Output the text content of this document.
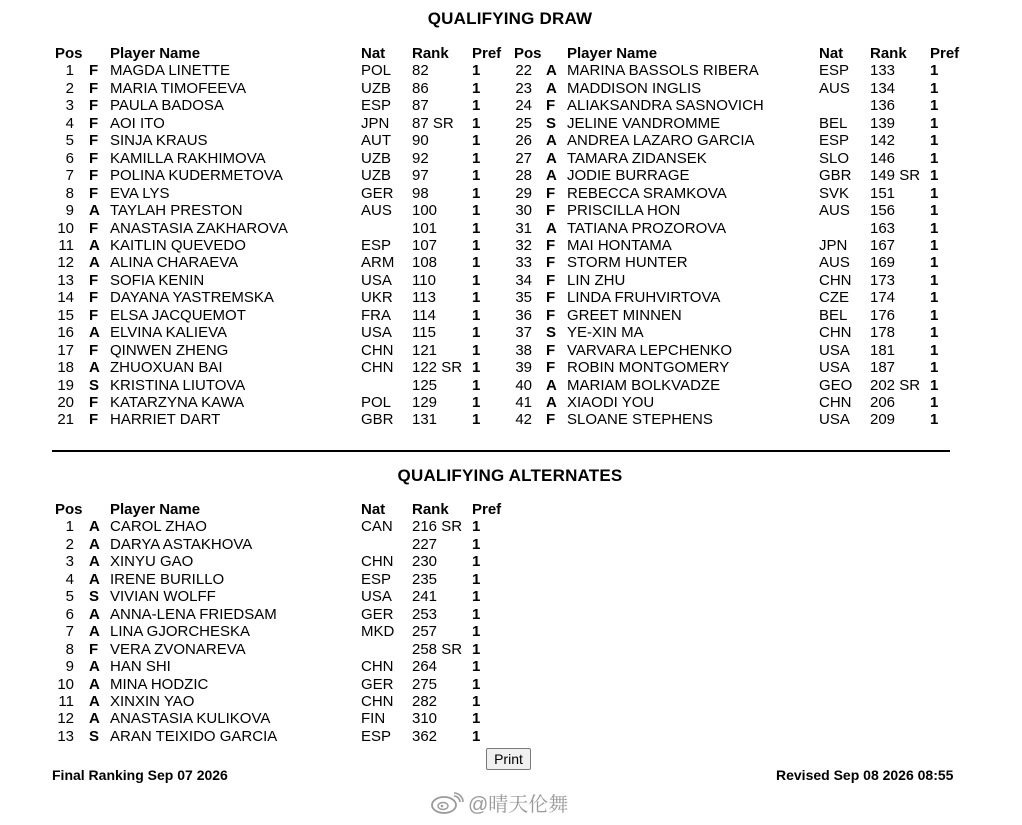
QUALIFYING DRAW
Pos Player Name	Nat Rank Pref
1 F MAGDA LINETTE	POL 82	1
2 F MARIA TIMOFEEVA	UZB 86	1
3 F PAULA BADOSA	ESP 87	1
4 F AOI ITO	JPN 87 SR 1
5 F SINJA KRAUS	AUT 90	1
6 F KAMILLA RAKHIMOVA	UZB 92	1
7 F POLINA KUDERMETOVA	UZB 97	1
8 F EVA LYS	GER 98	1
9 A TAYLAH PRESTON	AUS 100 1
10 F ANASTASIA ZAKHAROVA	101 1
11 A KAITLIN QUEVEDO	ESP 107 1
12 A ALINA CHARAEVA	ARM 108 1
13 F SOFIA KENIN	USA 110 1
14 F DAYANA YASTREMSKA	UKR 113 1
15 F ELSA JACQUEMOT	FRA 114 1
16 A ELVINA KALIEVA	USA 115 1
17 F QINWEN ZHENG	CHN 121 1
18 A ZHUOXUAN BAI	CHN 122 SR 1
19 S KRISTINA LIUTOVA	125 1
20 F KATARZYNA KAWA	POL 129 1
21 F HARRIET DART	GBR 131 1
Pos Player Name	Nat Rank Pref
22 A MARINA BASSOLS RIBERA	ESP 133 1
23 A MADDISON INGLIS	AUS 134 1
24 F ALIAKSANDRA SASNOVICH	136 1
25 S JELINE VANDROMME	BEL 139 1
26 A ANDREA LAZARO GARCIA	ESP 142 1
27 A TAMARA ZIDANSEK	SLO 146 1
28 A JODIE BURRAGE	GBR 149 SR 1
29 F REBECCA SRAMKOVA	SVK 151 1
30 F PRISCILLA HON	AUS 156 1
31 A TATIANA PROZOROVA	163 1
32 F MAI HONTAMA	JPN 167 1
33 F STORM HUNTER	AUS 169 1
34 F LIN ZHU	CHN 173 1
35 F LINDA FRUHVIRTOVA	CZE 174 1
36 F GREET MINNEN	BEL 176 1
37 S YE-XIN MA	CHN 178 1
38 F VARVARA LEPCHENKO	USA 181 1
39 F ROBIN MONTGOMERY	USA 187 1
40 A MARIAM BOLKVADZE	GEO 202 SR 1
41 A XIAODI YOU	CHN 206 1
42 F SLOANE STEPHENS	USA 209 1
QUALIFYING ALTERNATES
Pos Player Name	Nat Rank Pref
1 A CAROL ZHAO	CAN 216 SR 1
2 A DARYA ASTAKHOVA	227 1
3 A XINYU GAO	CHN 230 1
4 A IRENE BURILLO	ESP 235 1
5 S VIVIAN WOLFF	USA 241 1
6 A ANNA-LENA FRIEDSAM	GER 253 1
7 A LINA GJORCHESKA	MKD 257 1
8 F VERA ZVONAREVA	258 SR 1
9 A HAN SHI	CHN 264 1
10 A MINA HODZIC	GER 275 1
11 A XINXIN YAO	CHN 282 1
12 A ANASTASIA KULIKOVA	FIN 310 1
13 S ARAN TEIXIDO GARCIA	ESP 362 1
Print
Final Ranking Sep 07 2026	Revised Sep 08 2026 08:55
@晴天伦舞
